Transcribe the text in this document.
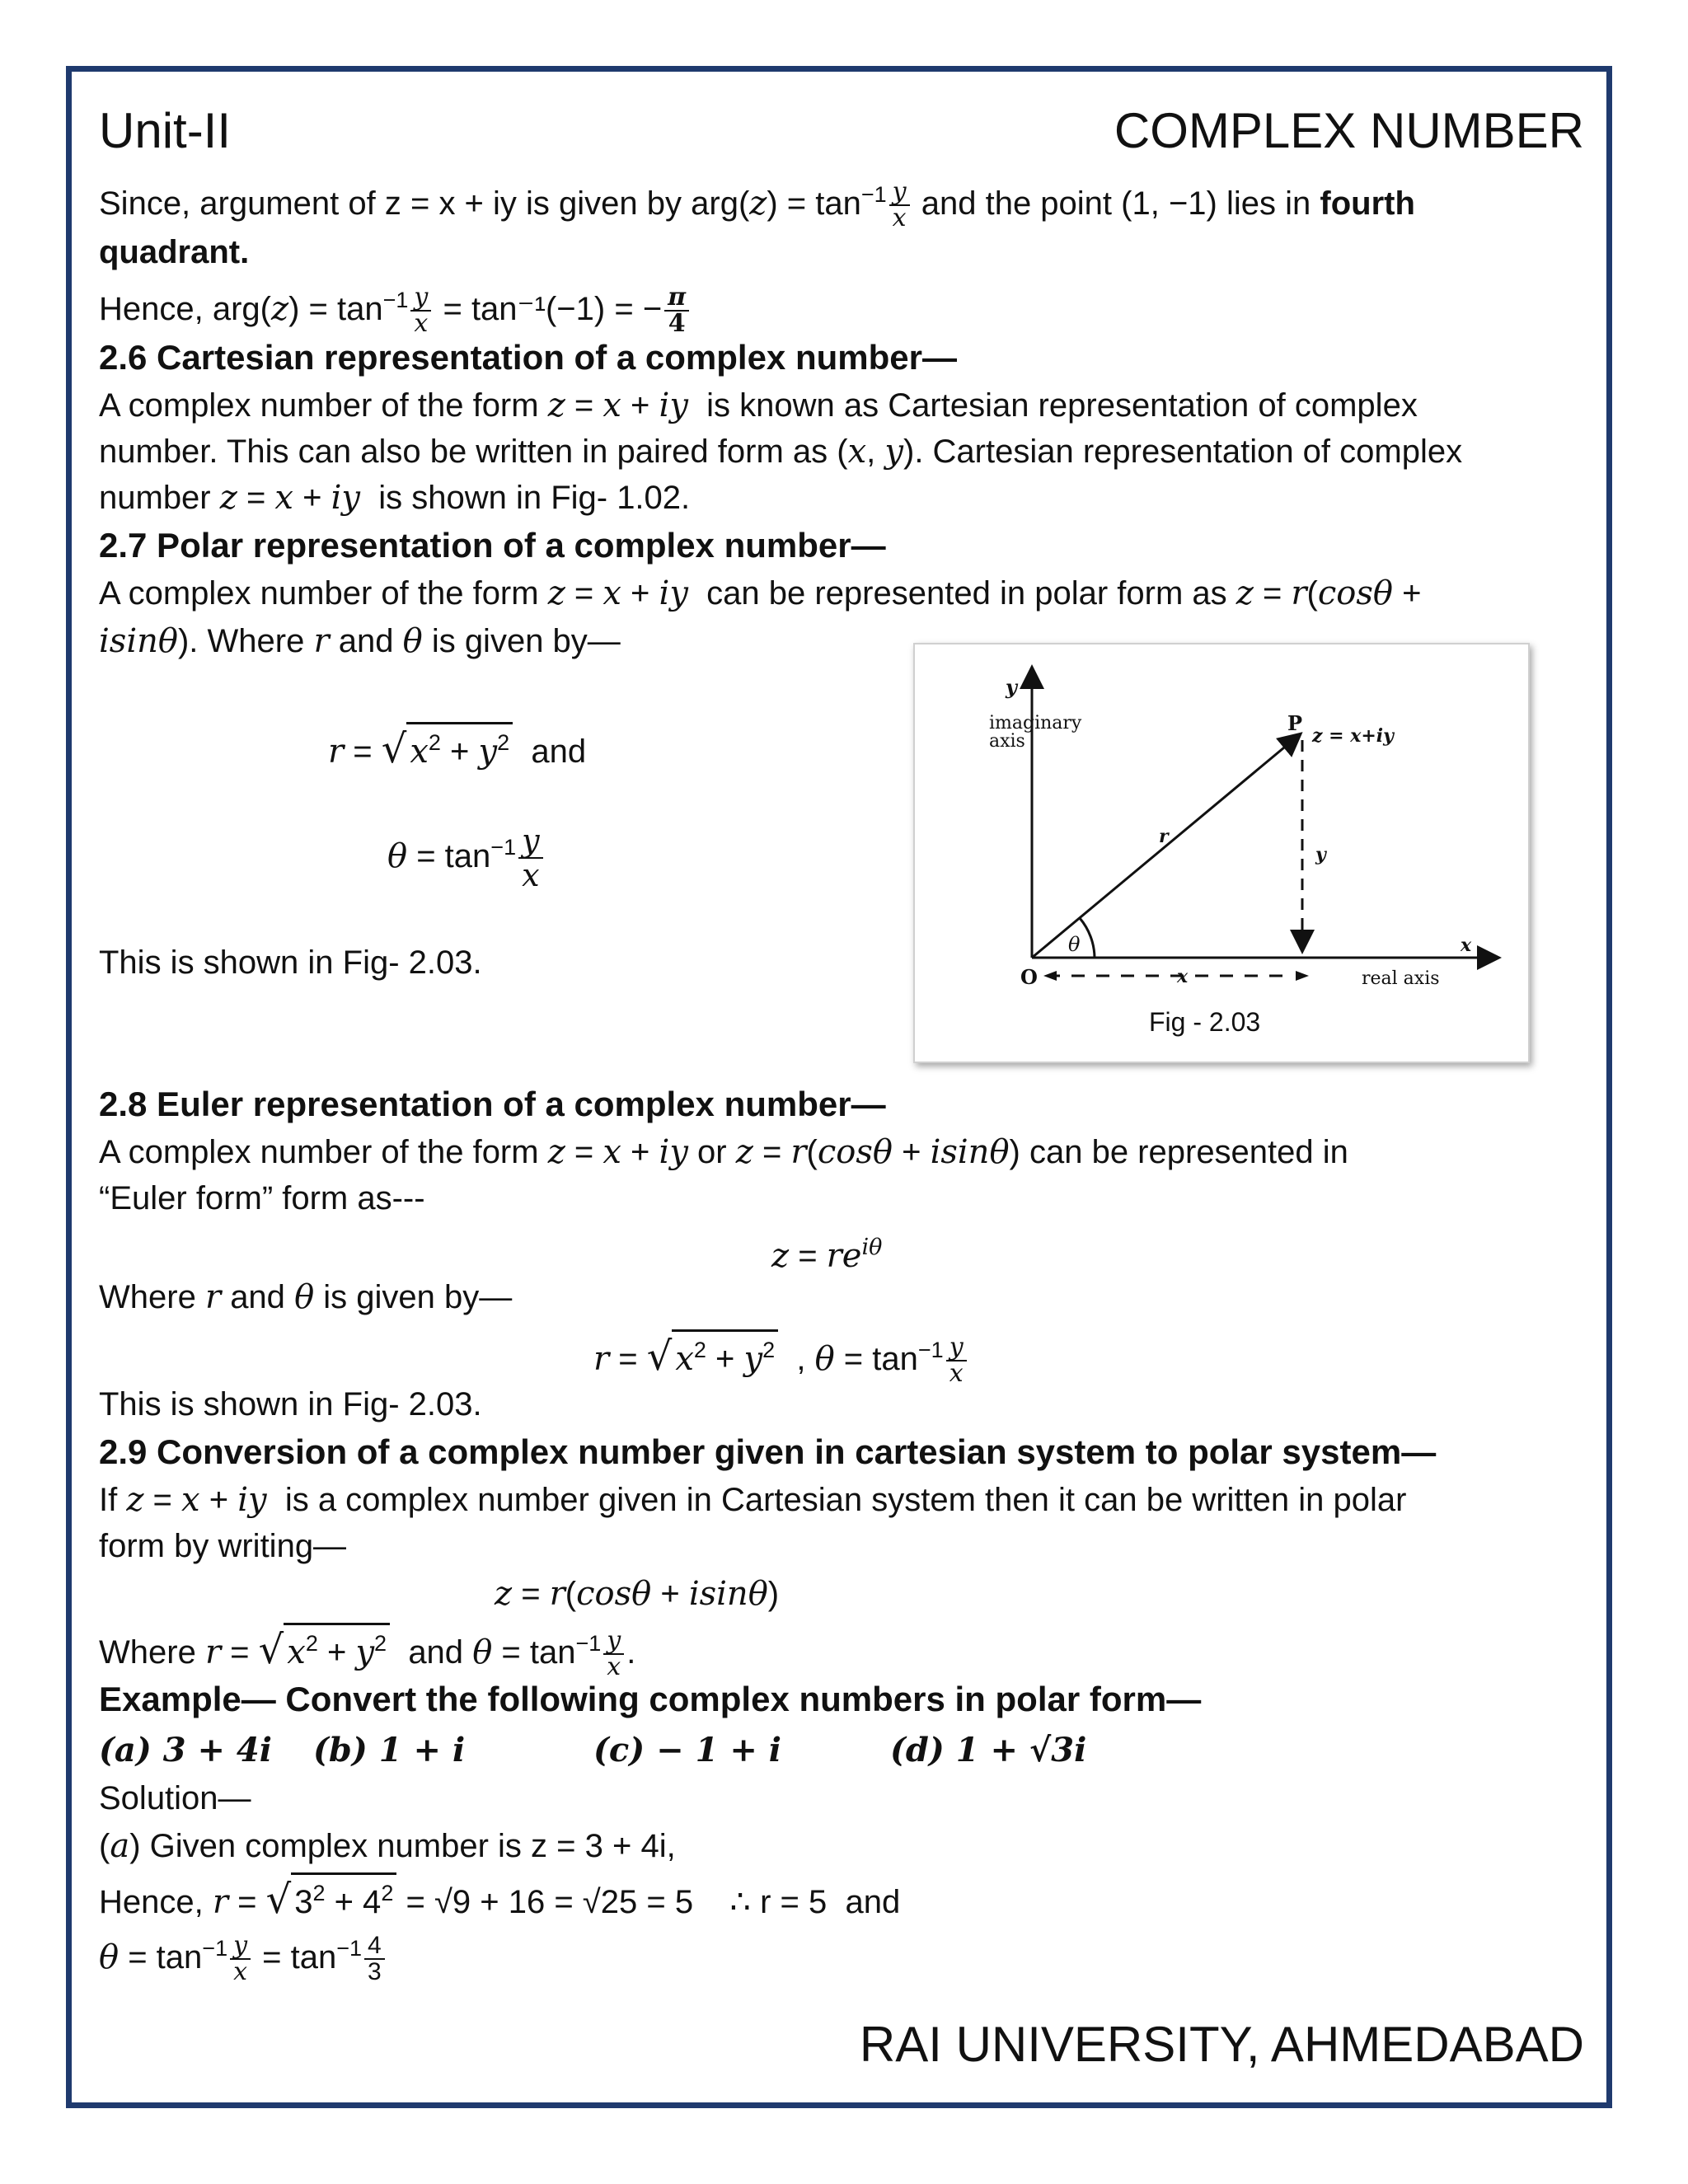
Unit-II	COMPLEX NUMBER
Since, argument of z = x + iy is given by $arg(z) = \tan^{-1} \frac{y}{x}$ and the point (1, −1) lies in fourth
quadrant.
Hence, $arg(z) = \tan^{-1} \frac{y}{x} = \tan^{-1}(-1)$ = − $\frac{\pi}{4}$
2.6 Cartesian representation of a complex number—
A complex number of the form z = x + iy is known as Cartesian representation of complex
number. This can also be written in paired form as (x, y). Cartesian representation of complex
number z = x + iy is shown in Fig- 1.02.
2.7 Polar representation of a complex number—
A complex number of the form z = x + iy can be represented in polar form as z = r(cosθ +
isinθ). Where r and θ is given by—
r = √ $x^2 + y^2$ and
$\theta = \tan^{-1} \frac{y}{x}$
This is shown in Fig- 2.03.
y
imaginary
axis
P
z = x+iy
r
y
θ
O	x
x
real axis
Fig - 2.03
2.8 Euler representation of a complex number—
A complex number of the form z = x + iy or z = r(cosθ + isinθ) can be represented in
“Euler form” form as---
$z = re^{i\theta}$
Where r and θ is given by—
r = √ $x^2 + y^2$  , $\theta = \tan^{-1} \frac{y}{x}$
This is shown in Fig- 2.03.
2.9 Conversion of a complex number given in cartesian system to polar system—
If z = x + iy is a complex number given in Cartesian system then it can be written in polar
form by writing—
z = r(cosθ + isinθ)
Where r = √ $x^2 + y^2$ and $\theta = \tan^{-1} \frac{y}{x}$ .
Example— Convert the following complex numbers in polar form—
(a) 3 + 4i (b) 1 + i	(c) − 1 + i	(d) 1 + √3i
Solution—
(a) Given complex number is z = 3 + 4i,
Hence, r = √ $3^2 + 4^2 = √9 + 16 = √25 = 5$ ∴ r = 5 and
$\theta = \tan^{-1} \frac{y}{x} = \tan^{-1} \frac{4}{3}$
RAI UNIVERSITY, AHMEDABAD
